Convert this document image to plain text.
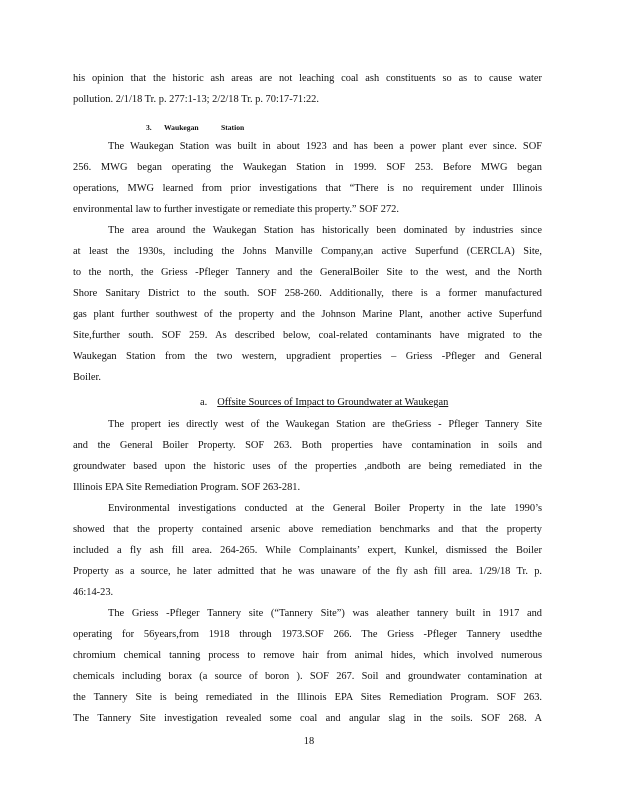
his opinion that the historic ash areas are not leaching coal ash constituents so as to cause water
pollution. 2/1/18 Tr. p. 277:1-13; 2/2/18 Tr. p. 70:17-71:22.
3. Waukegan	Station
The Waukegan Station was built in about 1923 and has been a power plant ever since. SOF
256. MWG began operating the Waukegan Station in 1999. SOF 253. Before MWG began
operations, MWG learned from prior investigations that “There is no requirement under Illinois
environmental law to further investigate or remediate this property.” SOF 272.
The area around the Waukegan Station has historically been dominated by industries since
at least the 1930s, including the Johns Manville Company,an active Superfund (CERCLA) Site,
to the north, the Griess -Pfleger Tannery and the GeneralBoiler Site to the west, and the North
Shore Sanitary District to the south. SOF 258-260. Additionally, there is a former manufactured
gas plant further southwest of the property and the Johnson Marine Plant, another active Superfund
Site,further south. SOF 259. As described below, coal-related contaminants have migrated to the
Waukegan Station from the two western, upgradient properties – Griess -Pfleger and General
Boiler.
a. Offsite Sources of Impact to Groundwater at Waukegan
The propert ies directly west of the Waukegan Station are theGriess - Pfleger Tannery Site
and the General Boiler Property. SOF 263. Both properties have contamination in soils and
groundwater based upon the historic uses of the properties ,andboth are being remediated in the
Illinois EPA Site Remediation Program. SOF 263-281.
Environmental investigations conducted at the General Boiler Property in the late 1990’s
showed that the property contained arsenic above remediation benchmarks and that the property
included a fly ash fill area. 264-265. While Complainants’ expert, Kunkel, dismissed the Boiler
Property as a source, he later admitted that he was unaware of the fly ash fill area. 1/29/18 Tr. p.
46:14-23.
The Griess -Pfleger Tannery site (“Tannery Site”) was aleather tannery built in 1917 and
operating for 56years,from 1918 through 1973.SOF 266. The Griess -Pfleger Tannery usedthe
chromium chemical tanning process to remove hair from animal hides, which involved numerous
chemicals including borax (a source of boron ). SOF 267. Soil and groundwater contamination at
the Tannery Site is being remediated in the Illinois EPA Sites Remediation Program. SOF 263.
The Tannery Site investigation revealed some coal and angular slag in the soils. SOF 268. A
18
